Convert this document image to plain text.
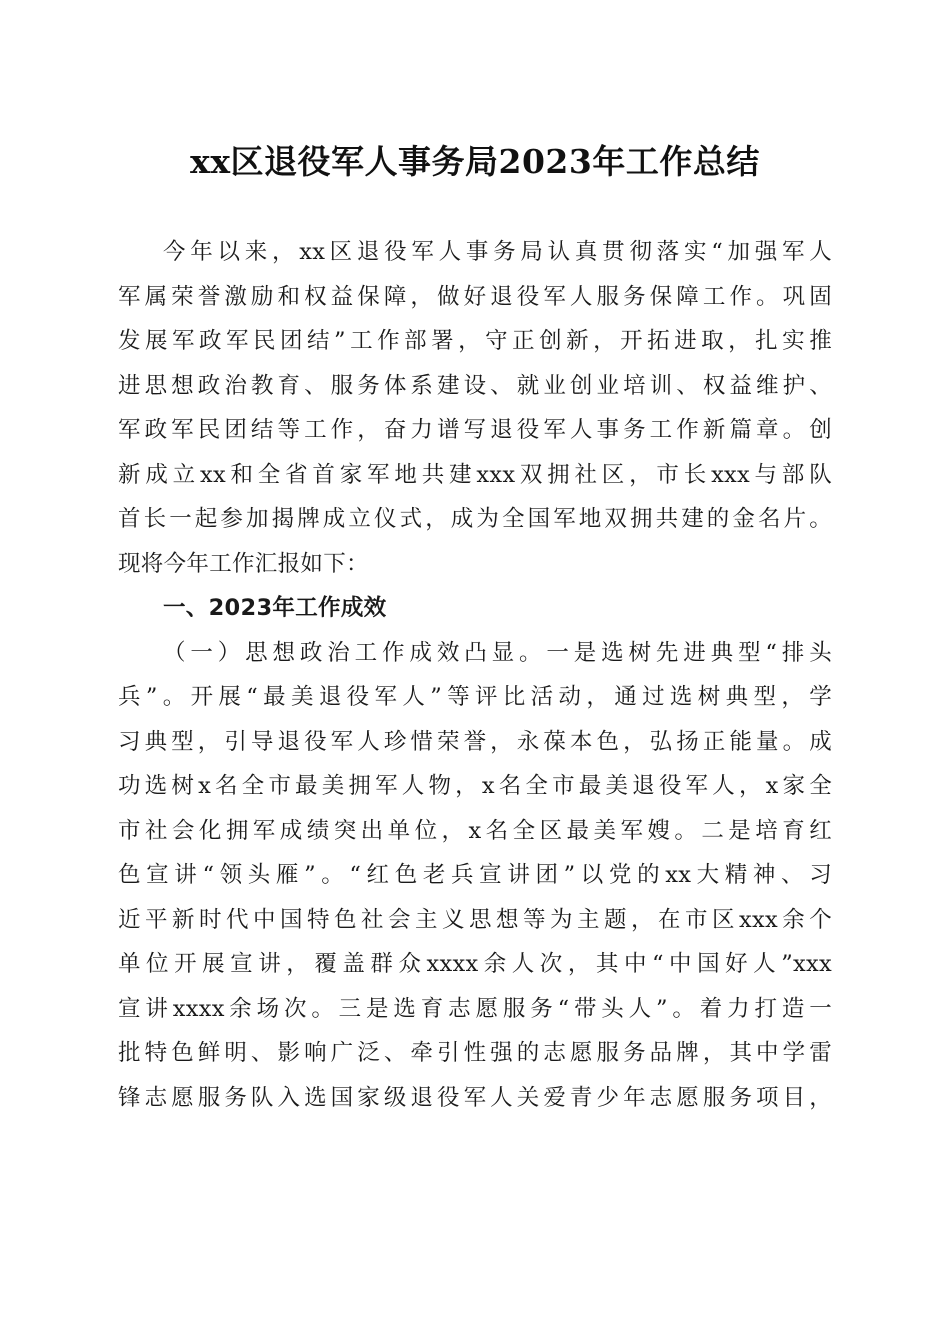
xx区退役军人事务局2023年工作总结
今年以来，xx区退役军人事务局认真贯彻落实“加强军人
军属荣誉激励和权益保障，做好退役军人服务保障工作。巩固
发展军政军民团结”工作部署，守正创新，开拓进取，扎实推
进思想政治教育、服务体系建设、就业创业培训、权益维护、
军政军民团结等工作，奋力谱写退役军人事务工作新篇章。创
新成立xx和全省首家军地共建xxx双拥社区，市长xxx与部队
首长一起参加揭牌成立仪式，成为全国军地双拥共建的金名片。
现将今年工作汇报如下：
一、2023年工作成效
（一）思想政治工作成效凸显。一是选树先进典型“排头
兵”。开展“最美退役军人”等评比活动，通过选树典型，学
习典型，引导退役军人珍惜荣誉，永葆本色，弘扬正能量。成
功选树x名全市最美拥军人物，x名全市最美退役军人，x家全
市社会化拥军成绩突出单位，x名全区最美军嫂。二是培育红
色宣讲“领头雁”。“红色老兵宣讲团”以党的xx大精神、习
近平新时代中国特色社会主义思想等为主题，在市区xxx余个
单位开展宣讲，覆盖群众xxxx余人次，其中“中国好人”xxx
宣讲xxxx余场次。三是选育志愿服务“带头人”。着力打造一
批特色鲜明、影响广泛、牵引性强的志愿服务品牌，其中学雷
锋志愿服务队入选国家级退役军人关爱青少年志愿服务项目，
